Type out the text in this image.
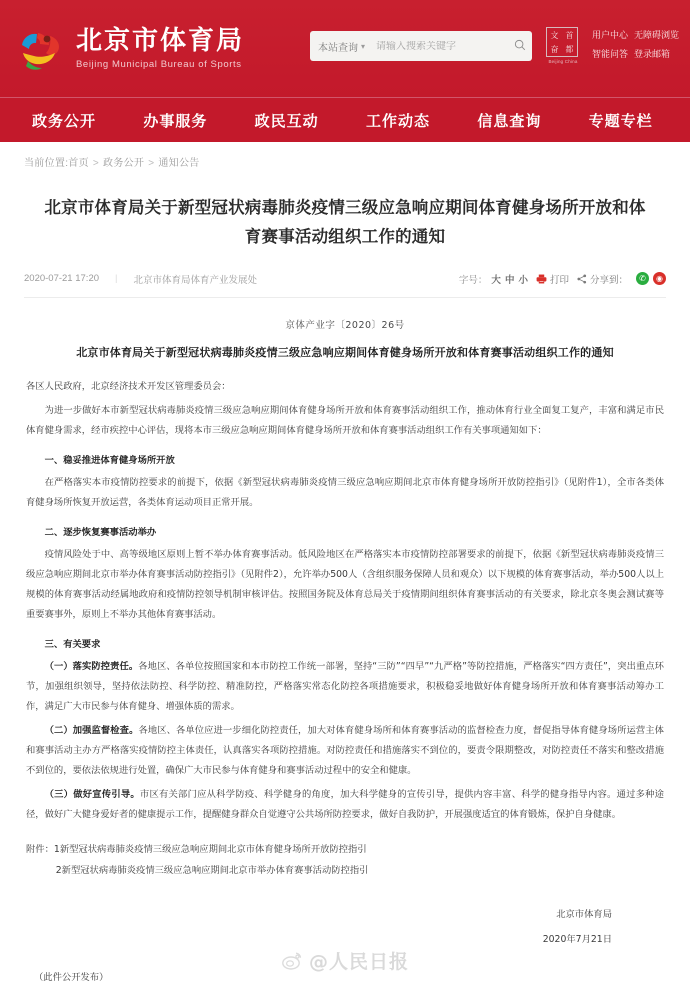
北京市体育局
Beijing Municipal Bureau of Sports
本站查询 ▾
请输入搜索关键字
文 首
奋 都
Beijing China
用户中心 无障碍浏览
智能问答 登录邮箱
政务公开	办事服务	政民互动	工作动态	信息查询	专题专栏
当前位置:首页 > 政务公开 > 通知公告
北京市体育局关于新型冠状病毒肺炎疫情三级应急响应期间体育健身场所开放和体育赛事活动组织工作的通知
2020-07-21 17:20 | 北京市体育局体育产业发展处	字号： 大 中 小 打印 分享到：	✆	◉
京体产业字〔2020〕26号
北京市体育局关于新型冠状病毒肺炎疫情三级应急响应期间体育健身场所开放和体育赛事活动组织工作的通知

各区人民政府，北京经济技术开发区管理委员会：

为进一步做好本市新型冠状病毒肺炎疫情三级应急响应期间体育健身场所开放和体育赛事活动组织工作，推动体育行业全面复工复产，丰富和满足市民体育健身需求，经市疾控中心评估，现将本市三级应急响应期间体育健身场所开放和体育赛事活动组织工作有关事项通知如下：

一、稳妥推进体育健身场所开放

在严格落实本市疫情防控要求的前提下，依据《新型冠状病毒肺炎疫情三级应急响应期间北京市体育健身场所开放防控指引》（见附件1），全市各类体育健身场所恢复开放运营，各类体育运动项目正常开展。

二、逐步恢复赛事活动举办

疫情风险处于中、高等级地区原则上暂不举办体育赛事活动。低风险地区在严格落实本市疫情防控部署要求的前提下，依据《新型冠状病毒肺炎疫情三级应急响应期间北京市举办体育赛事活动防控指引》（见附件2），允许举办500人（含组织服务保障人员和观众）以下规模的体育赛事活动，举办500人以上规模的体育赛事活动经属地政府和疫情防控领导机制审核评估。按照国务院及体育总局关于疫情期间组织体育赛事活动的有关要求，除北京冬奥会测试赛等重要赛事外，原则上不举办其他体育赛事活动。

三、有关要求

（一）落实防控责任。各地区、各单位按照国家和本市防控工作统一部署，坚持“三防”“四早”“九严格”等防控措施，严格落实“四方责任”，突出重点环节，加强组织领导，坚持依法防控、科学防控、精准防控，严格落实常态化防控各项措施要求，积极稳妥地做好体育健身场所开放和体育赛事活动筹办工作，满足广大市民参与体育健身、增强体质的需求。

（二）加强监督检查。各地区、各单位应进一步细化防控责任，加大对体育健身场所和体育赛事活动的监督检查力度，督促指导体育健身场所运营主体和赛事活动主办方严格落实疫情防控主体责任，认真落实各项防控措施。对防控责任和措施落实不到位的，要责令限期整改，对防控责任不落实和整改措施不到位的，要依法依规进行处置，确保广大市民参与体育健身和赛事活动过程中的安全和健康。

（三）做好宣传引导。市区有关部门应从科学防疫、科学健身的角度，加大科学健身的宣传引导，提供内容丰富、科学的健身指导内容。通过多种途径，做好广大健身爱好者的健康提示工作，提醒健身群众自觉遵守公共场所防控要求，做好自我防护，开展强度适宜的体育锻炼，保护自身健康。

附件：1新型冠状病毒肺炎疫情三级应急响应期间北京市体育健身场所开放防控指引

2新型冠状病毒肺炎疫情三级应急响应期间北京市举办体育赛事活动防控指引

北京市体育局
2020年7月21日
（此件公开发布）
@人民日报
